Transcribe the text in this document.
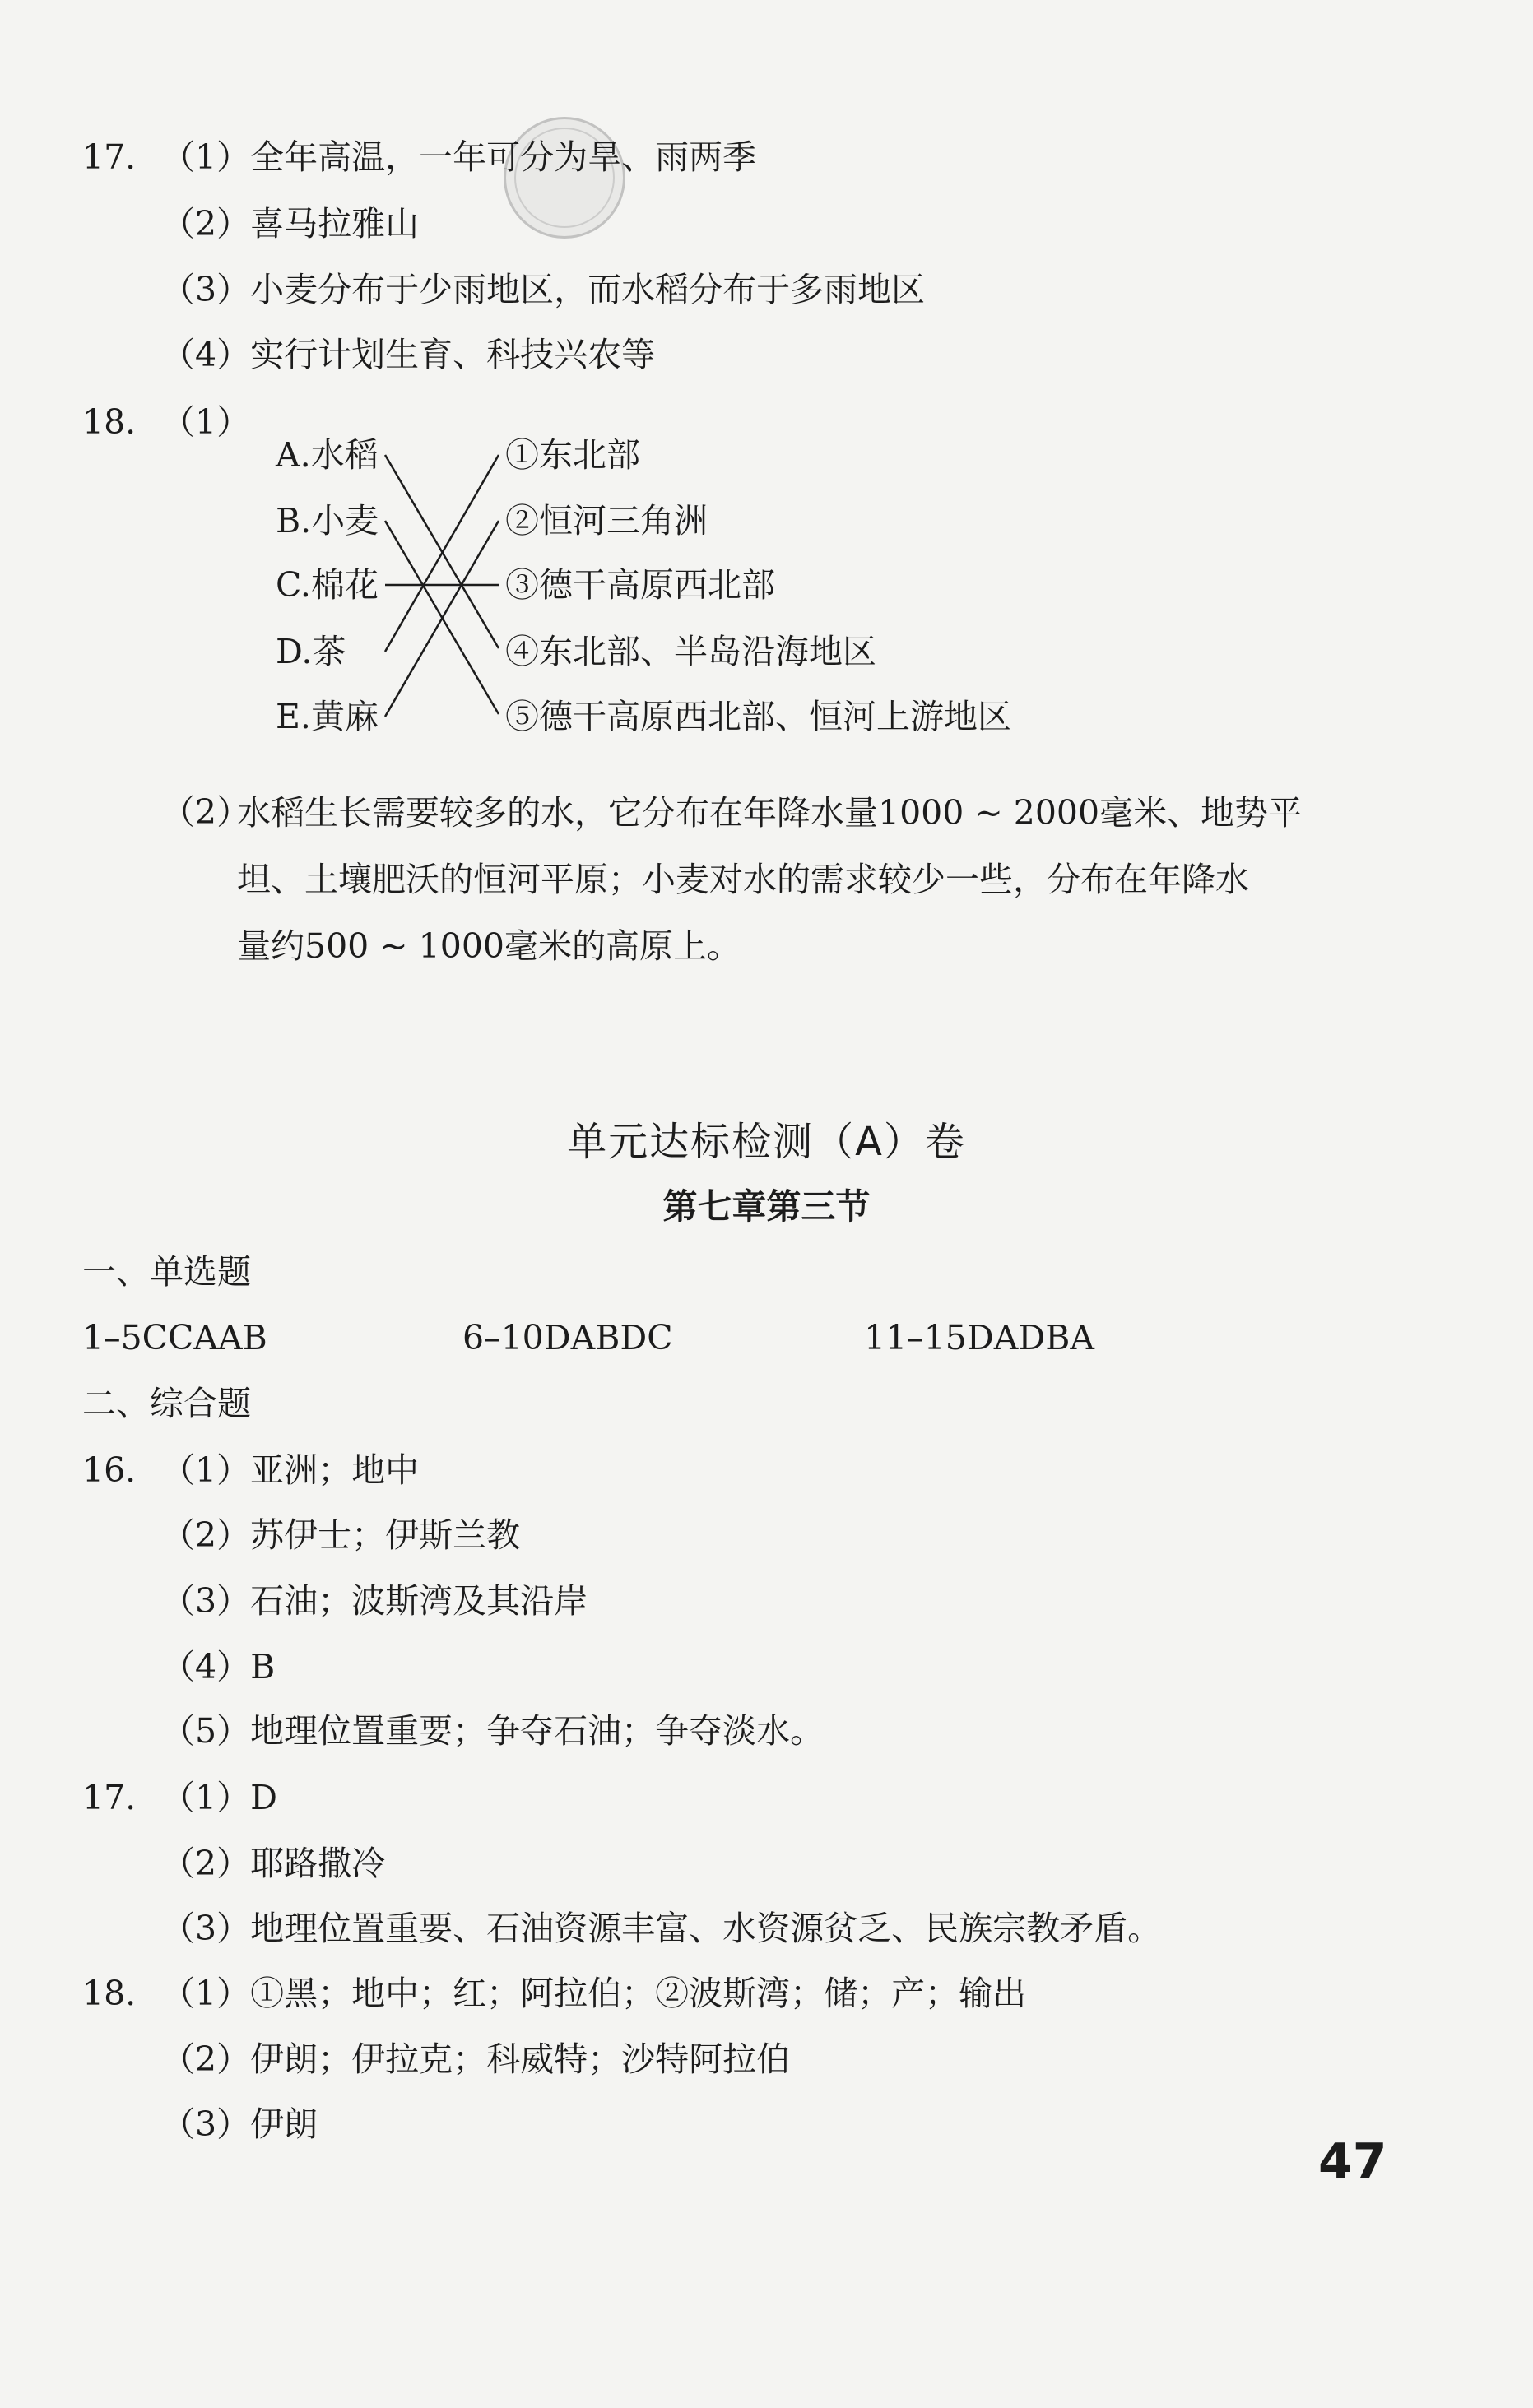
17. （1）全年高温，一年可分为旱、雨两季
（2）喜马拉雅山
（3）小麦分布于少雨地区，而水稻分布于多雨地区
（4）实行计划生育、科技兴农等
18. （1）
A.水稻
B.小麦
C.棉花
D.茶
E.黄麻
①东北部
②恒河三角洲
③德干高原西北部
④东北部、半岛沿海地区
⑤德干高原西北部、恒河上游地区
（2）
水稻生长需要较多的水，它分布在年降水量1000 ~ 2000毫米、地势平
坦、土壤肥沃的恒河平原；小麦对水的需求较少一些，分布在年降水
量约500 ~ 1000毫米的高原上。
单元达标检测（A）卷
第七章第三节
一、单选题
1–5CCAAB	6–10DABDC	11–15DADBA
二、综合题
16. （1）亚洲；地中
（2）苏伊士；伊斯兰教
（3）石油；波斯湾及其沿岸
（4）B
（5）地理位置重要；争夺石油；争夺淡水。
17. （1）D
（2）耶路撒冷
（3）地理位置重要、石油资源丰富、水资源贫乏、民族宗教矛盾。
18. （1）①黑；地中；红；阿拉伯；②波斯湾；储；产；输出
（2）伊朗；伊拉克；科威特；沙特阿拉伯
（3）伊朗
47
